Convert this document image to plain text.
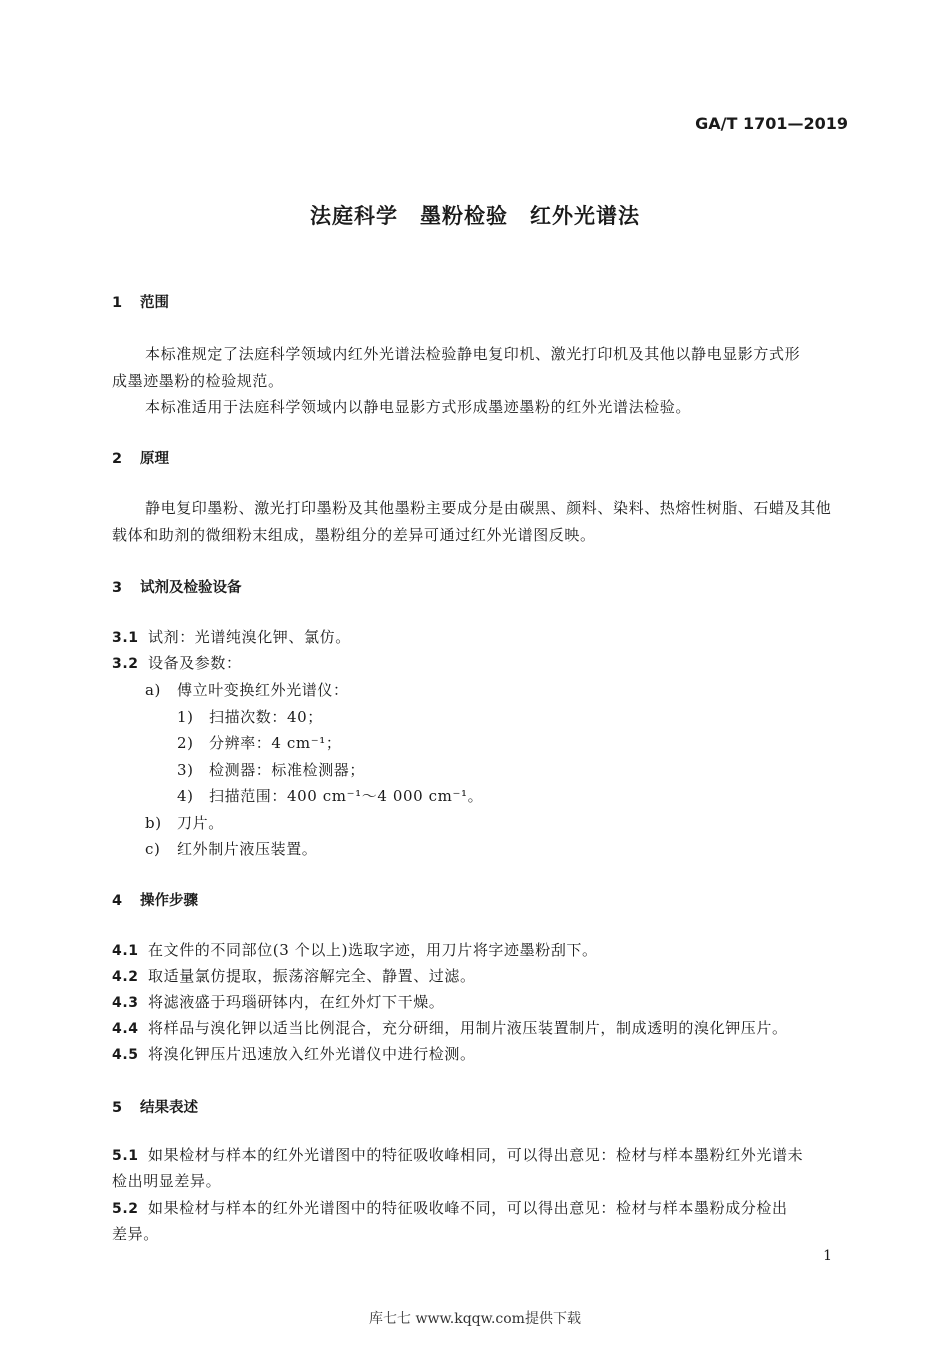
GA/T 1701—2019
法庭科学　墨粉检验　红外光谱法
1 范围
本标准规定了法庭科学领域内红外光谱法检验静电复印机、激光打印机及其他以静电显影方式形
成墨迹墨粉的检验规范。
本标准适用于法庭科学领域内以静电显影方式形成墨迹墨粉的红外光谱法检验。
2 原理
静电复印墨粉、激光打印墨粉及其他墨粉主要成分是由碳黑、颜料、染料、热熔性树脂、石蜡及其他
载体和助剂的微细粉末组成，墨粉组分的差异可通过红外光谱图反映。
3 试剂及检验设备
3.1 试剂：光谱纯溴化钾、氯仿。
3.2 设备及参数：
a) 傅立叶变换红外光谱仪：
1) 扫描次数：40；
2) 分辨率：4 cm⁻¹；
3) 检测器：标准检测器；
4) 扫描范围：400 cm⁻¹～4 000 cm⁻¹。
b) 刀片。
c) 红外制片液压装置。
4 操作步骤
4.1 在文件的不同部位(3 个以上)选取字迹，用刀片将字迹墨粉刮下。
4.2 取适量氯仿提取，振荡溶解完全、静置、过滤。
4.3 将滤液盛于玛瑙研钵内，在红外灯下干燥。
4.4 将样品与溴化钾以适当比例混合，充分研细，用制片液压装置制片，制成透明的溴化钾压片。
4.5 将溴化钾压片迅速放入红外光谱仪中进行检测。
5 结果表述
5.1 如果检材与样本的红外光谱图中的特征吸收峰相同，可以得出意见：检材与样本墨粉红外光谱未
检出明显差异。
5.2 如果检材与样本的红外光谱图中的特征吸收峰不同，可以得出意见：检材与样本墨粉成分检出
差异。
1
库七七 www.kqqw.com提供下载
